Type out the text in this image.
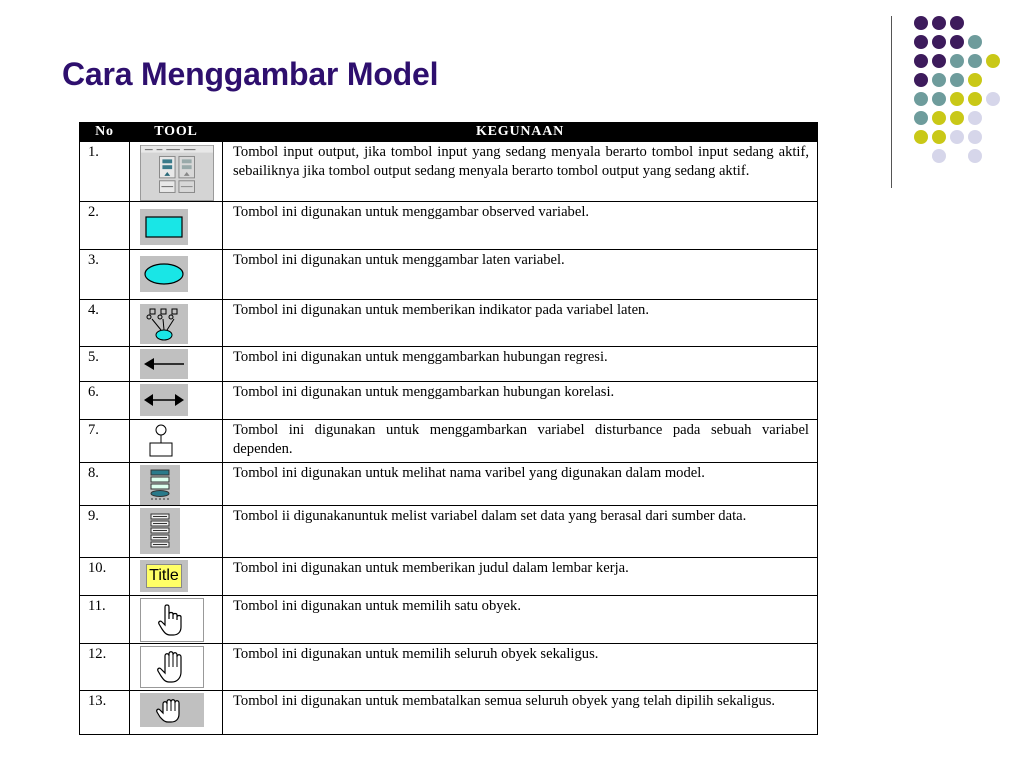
Cara Menggambar Model
No	TOOL	KEGUNAAN
1.		Tombol input output, jika tombol input yang sedang menyala berarto tombol input sedang aktif, sebailiknya jika tombol output sedang menyala berarto tombol output yang sedang aktif.
2.		Tombol ini digunakan untuk menggambar observed variabel.
3.		Tombol ini digunakan untuk menggambar laten variabel.
4.		Tombol ini digunakan untuk memberikan indikator pada variabel laten.
5.		Tombol ini digunakan untuk menggambarkan hubungan regresi.
6.		Tombol ini digunakan untuk menggambarkan hubungan korelasi.
7.		Tombol ini digunakan untuk menggambarkan variabel disturbance pada sebuah variabel dependen.
8.		Tombol ini digunakan untuk melihat nama varibel yang digunakan dalam model.
9.		Tombol ii digunakanuntuk melist variabel dalam set data yang berasal dari sumber data.
10.	Title	Tombol ini digunakan untuk memberikan judul dalam lembar kerja.
11.		Tombol ini digunakan untuk memilih satu obyek.
12.		Tombol ini digunakan untuk memilih seluruh obyek sekaligus.
13.		Tombol ini digunakan untuk membatalkan semua seluruh obyek yang telah dipilih sekaligus.
